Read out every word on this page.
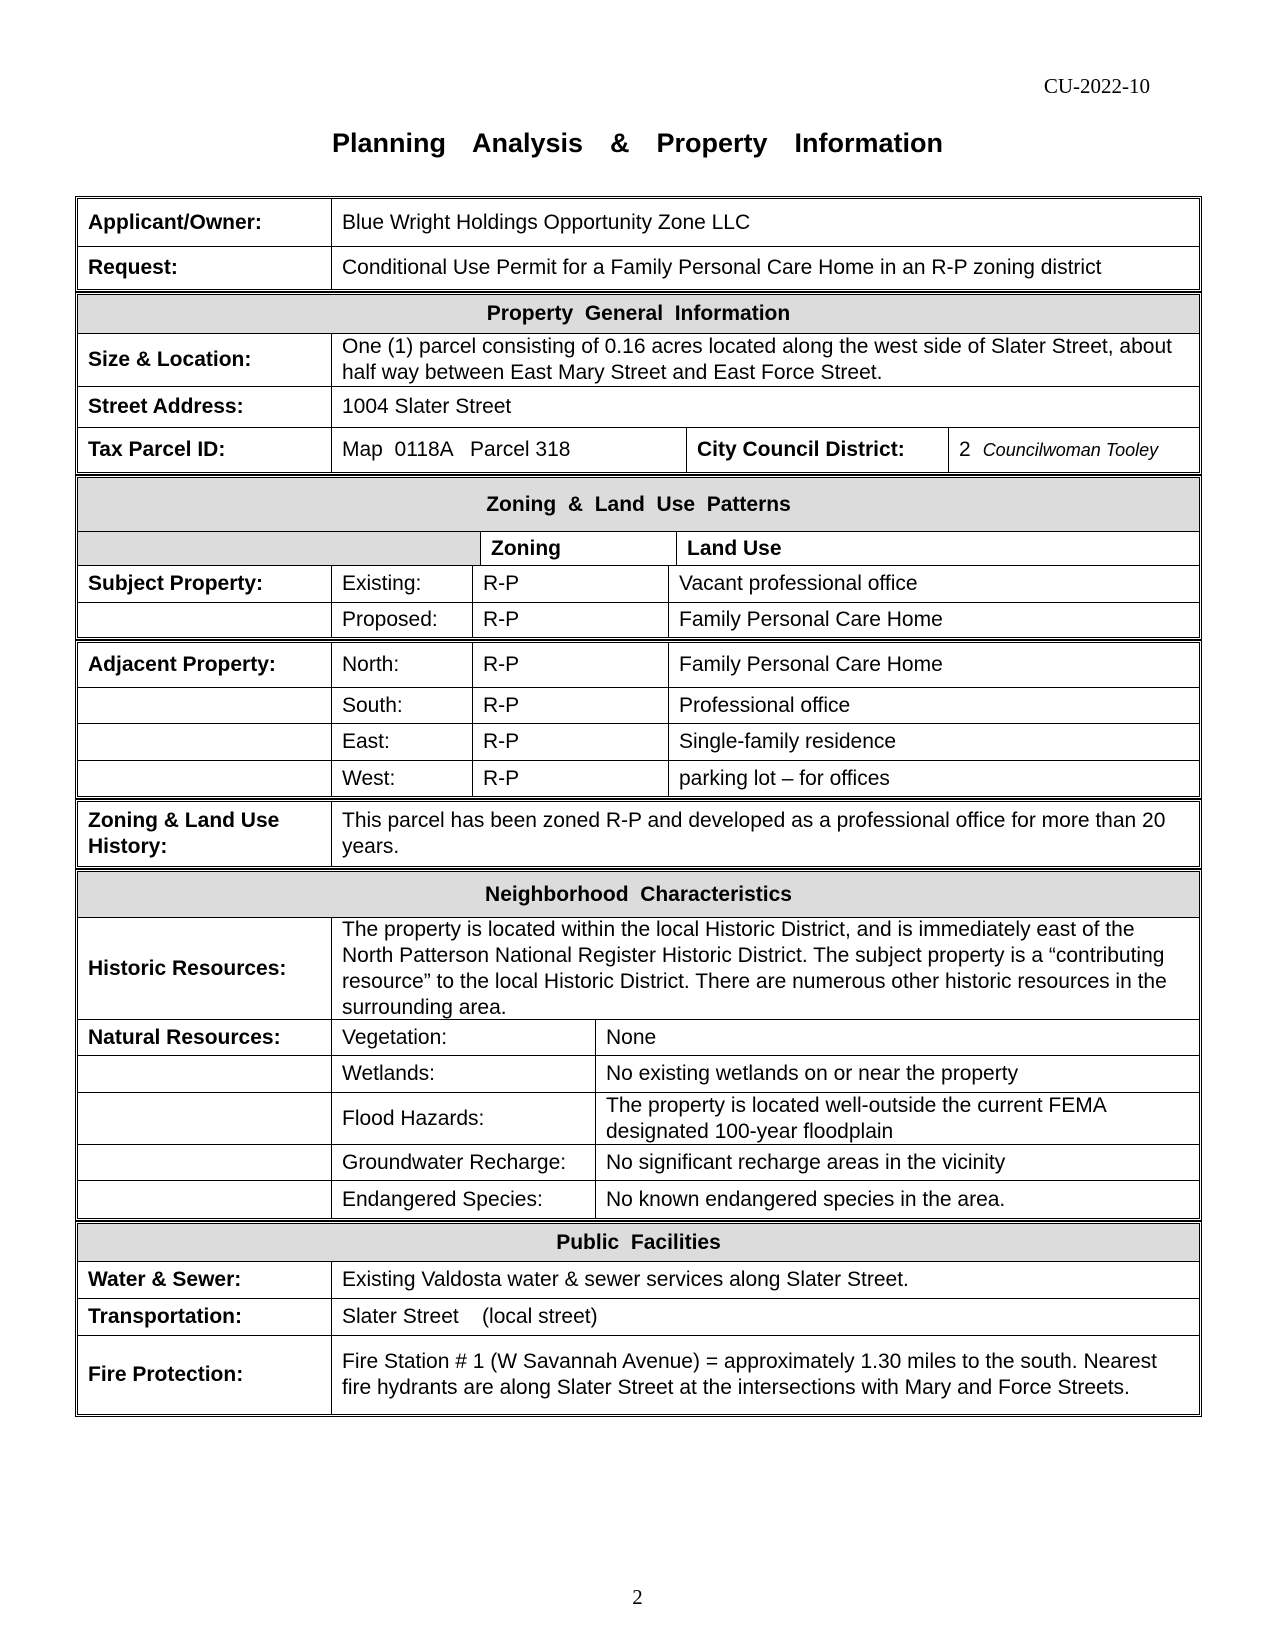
CU-2022-10
Planning  Analysis  &  Property  Information
Applicant/Owner:	Blue Wright Holdings Opportunity Zone LLC
Request:	Conditional Use Permit for a Family Personal Care Home in an R-P zoning district
Property  General  Information
Size & Location:
One (1) parcel consisting of 0.16 acres located along the west side of Slater Street, about half way between East Mary Street and East Force Street.
Street Address:	1004 Slater Street
Tax Parcel ID:	Map  0118A   Parcel 318	City Council District:	2 Councilwoman Tooley
Zoning  &  Land  Use  Patterns
Zoning	Land Use
Subject Property:	Existing:	R-P	Vacant professional office
Proposed:	R-P	Family Personal Care Home
Adjacent Property:	North:	R-P	Family Personal Care Home
South:	R-P	Professional office
East:	R-P	Single-family residence
West:	R-P	parking lot – for offices
Zoning & Land Use History:
This parcel has been zoned R-P and developed as a professional office for more than 20 years.
Neighborhood  Characteristics
Historic Resources:
The property is located within the local Historic District, and is immediately east of the North Patterson National Register Historic District. The subject property is a “contributing resource” to the local Historic District. There are numerous other historic resources in the surrounding area.
Natural Resources:	Vegetation:	None
Wetlands:	No existing wetlands on or near the property
Flood Hazards:
The property is located well-outside the current FEMA designated 100-year floodplain
Groundwater Recharge:	No significant recharge areas in the vicinity
Endangered Species:	No known endangered species in the area.
Public  Facilities
Water & Sewer:	Existing Valdosta water & sewer services along Slater Street.
Transportation:	Slater Street    (local street)
Fire Protection:
Fire Station # 1 (W Savannah Avenue) = approximately 1.30 miles to the south. Nearest fire hydrants are along Slater Street at the intersections with Mary and Force Streets.
2
